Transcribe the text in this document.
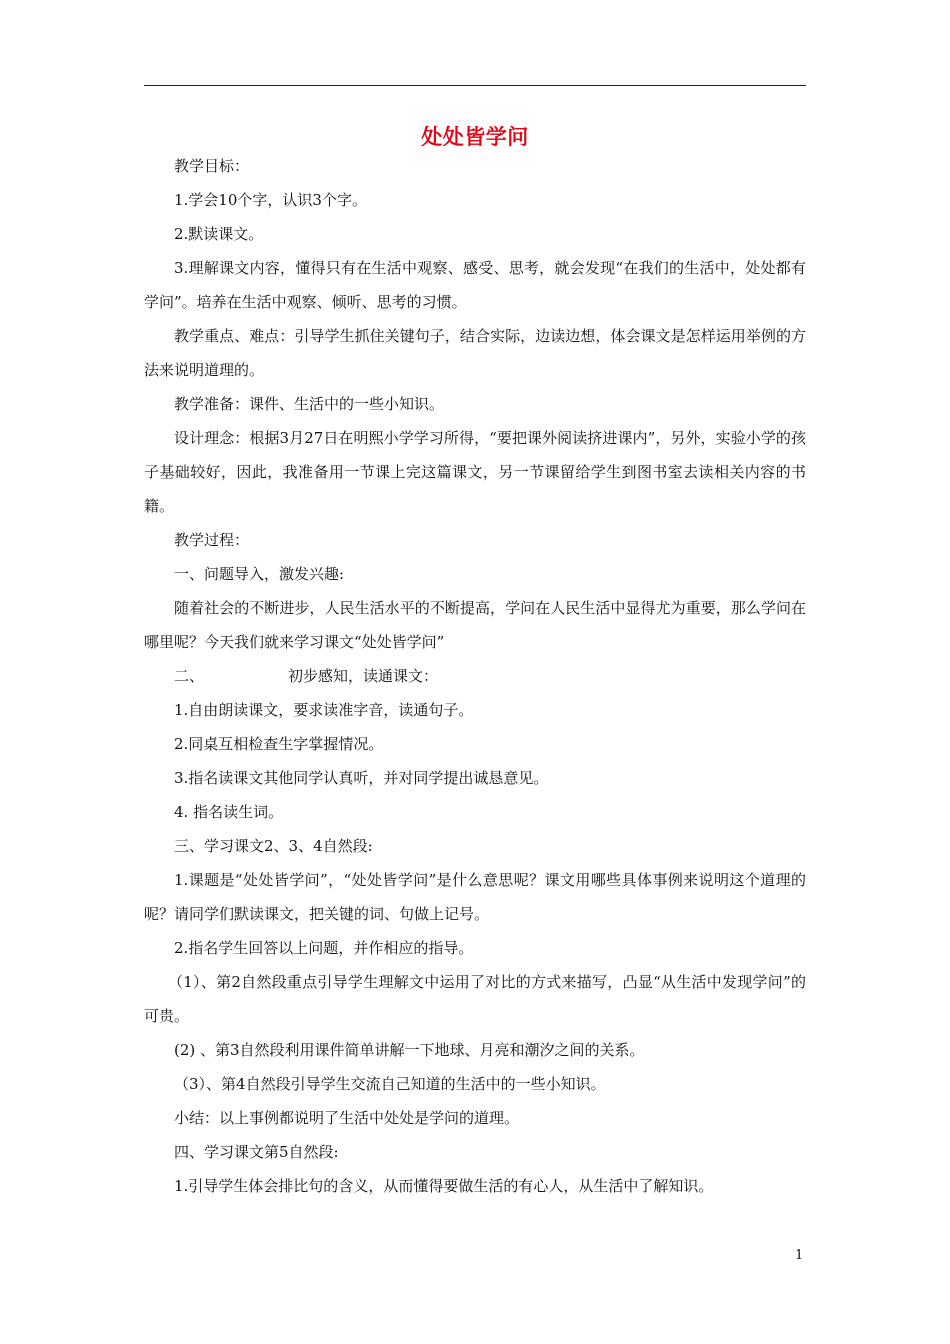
处处皆学问

教学目标：

1.学会10个字，认识3个字。

2.默读课文。

3.理解课文内容，懂得只有在生活中观察、感受、思考，就会发现“在我们的生活中，处处都有学问”。培养在生活中观察、倾听、思考的习惯。

教学重点、难点：引导学生抓住关键句子，结合实际，边读边想，体会课文是怎样运用举例的方法来说明道理的。

教学准备：课件、生活中的一些小知识。

设计理念：根据3月27日在明熙小学学习所得，“要把课外阅读挤进课内”，另外，实验小学的孩子基础较好，因此，我准备用一节课上完这篇课文，另一节课留给学生到图书室去读相关内容的书籍。

教学过程：

一、问题导入，激发兴趣:

随着社会的不断进步，人民生活水平的不断提高，学问在人民生活中显得尤为重要，那么学问在哪里呢？今天我们就来学习课文“处处皆学问”

二、	初步感知，读通课文：

1.自由朗读课文，要求读准字音，读通句子。

2.同桌互相检查生字掌握情况。

3.指名读课文其他同学认真听，并对同学提出诚恳意见。

4. 指名读生词。

三、学习课文2、3、4自然段:

1.课题是“处处皆学问”，“处处皆学问”是什么意思呢？课文用哪些具体事例来说明这个道理的呢？请同学们默读课文，把关键的词、句做上记号。

2.指名学生回答以上问题，并作相应的指导。

（1）、第2自然段重点引导学生理解文中运用了对比的方式来描写，凸显“从生活中发现学问”的可贵。

(2) 、第3自然段利用课件简单讲解一下地球、月亮和潮汐之间的关系。

（3）、第4自然段引导学生交流自己知道的生活中的一些小知识。

小结：以上事例都说明了生活中处处是学问的道理。

四、学习课文第5自然段:

1.引导学生体会排比句的含义，从而懂得要做生活的有心人，从生活中了解知识。

1
